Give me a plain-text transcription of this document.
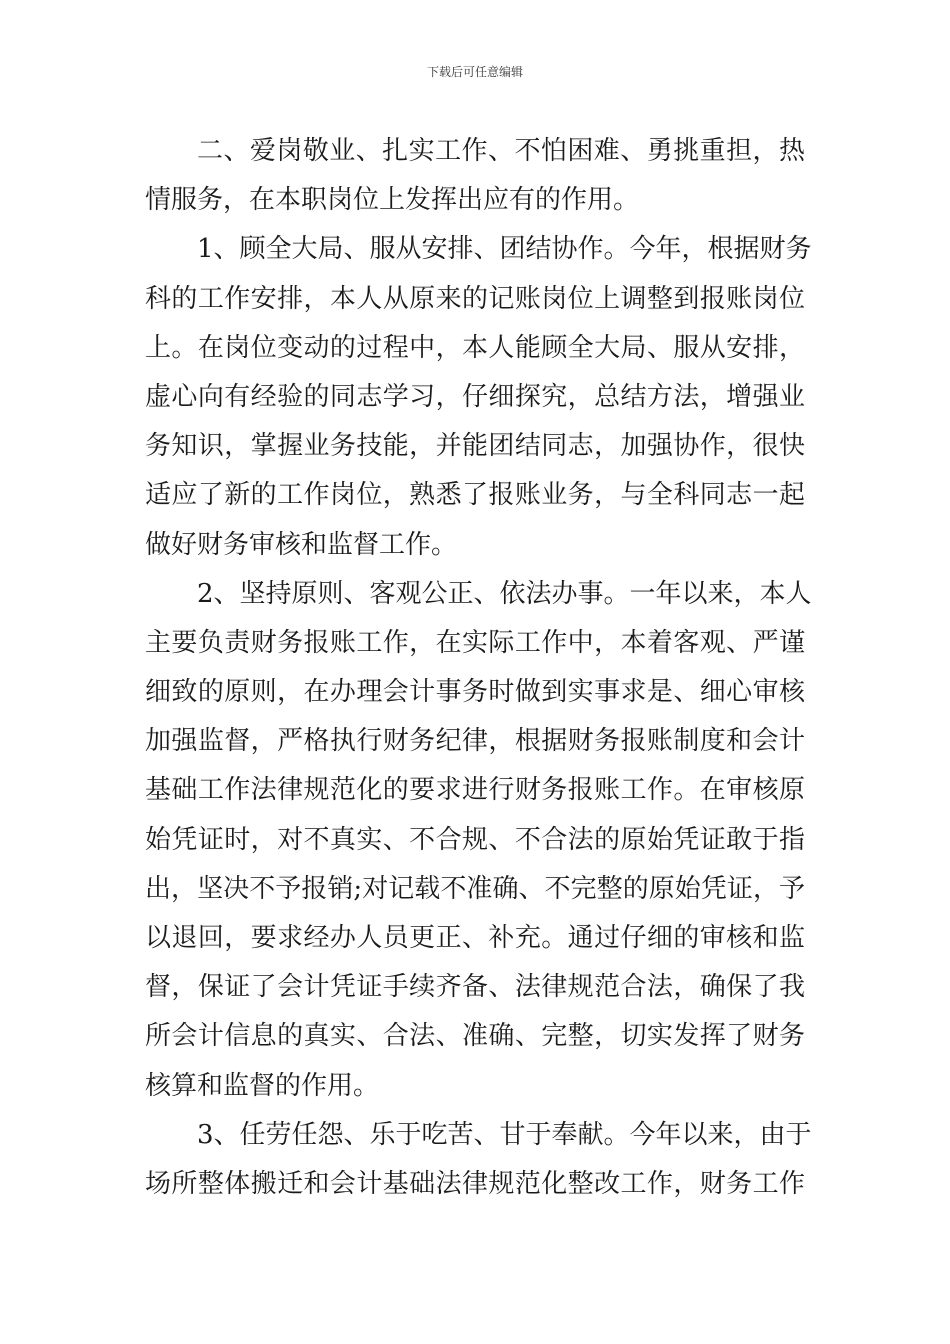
下载后可任意编辑
二、爱岗敬业、扎实工作、不怕困难、勇挑重担，热
情服务，在本职岗位上发挥出应有的作用。
1、顾全大局、服从安排、团结协作。今年，根据财务
科的工作安排，本人从原来的记账岗位上调整到报账岗位
上。在岗位变动的过程中，本人能顾全大局、服从安排，
虚心向有经验的同志学习，仔细探究，总结方法，增强业
务知识，掌握业务技能，并能团结同志，加强协作，很快
适应了新的工作岗位，熟悉了报账业务，与全科同志一起
做好财务审核和监督工作。
2、坚持原则、客观公正、依法办事。一年以来，本人
主要负责财务报账工作，在实际工作中，本着客观、严谨
细致的原则，在办理会计事务时做到实事求是、细心审核
加强监督，严格执行财务纪律，根据财务报账制度和会计
基础工作法律规范化的要求进行财务报账工作。在审核原
始凭证时，对不真实、不合规、不合法的原始凭证敢于指
出，坚决不予报销;对记载不准确、不完整的原始凭证，予
以退回，要求经办人员更正、补充。通过仔细的审核和监
督，保证了会计凭证手续齐备、法律规范合法，确保了我
所会计信息的真实、合法、准确、完整，切实发挥了财务
核算和监督的作用。
3、任劳任怨、乐于吃苦、甘于奉献。今年以来，由于
场所整体搬迁和会计基础法律规范化整改工作，财务工作
